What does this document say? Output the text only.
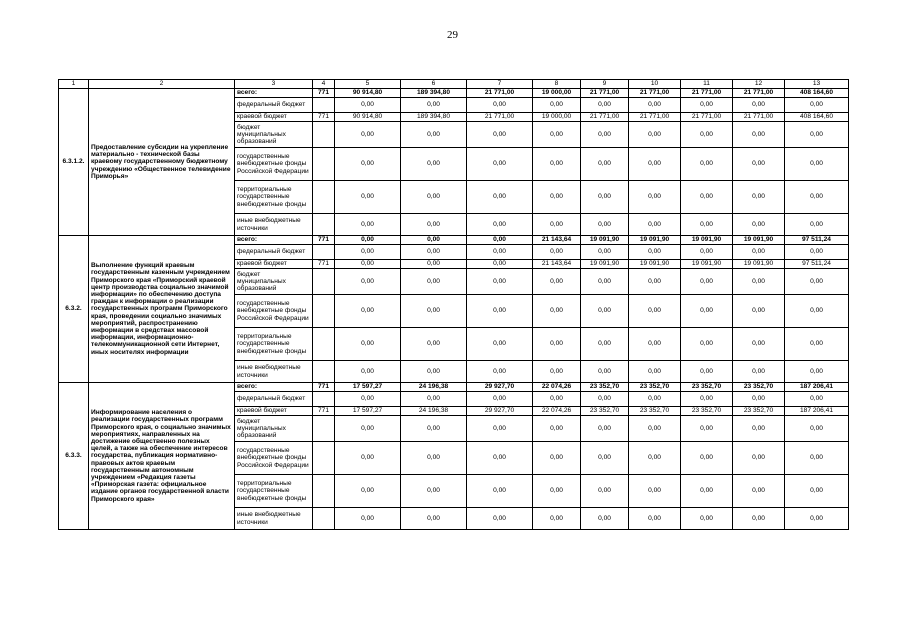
29
1	2	3	4	5	6	7	8	9	10	11	12	13
6.3.1.2.	Предоставление субсидии на укрепление материально - технической базы краевому государственному бюджетному учреждению «Общественное телевидение Приморья»	всего:	771	90 914,80	189 394,80	21 771,00	19 000,00	21 771,00	21 771,00	21 771,00	21 771,00	408 164,60
		федеральный бюджет		0,00	0,00	0,00	0,00	0,00	0,00	0,00	0,00	0,00
		краевой бюджет	771	90 914,80	189 394,80	21 771,00	19 000,00	21 771,00	21 771,00	21 771,00	21 771,00	408 164,60
		бюджет муниципальных образований		0,00	0,00	0,00	0,00	0,00	0,00	0,00	0,00	0,00
		государственные внебюджетные фонды Российской Федерации		0,00	0,00	0,00	0,00	0,00	0,00	0,00	0,00	0,00
		территориальные государственные внебюджетные фонды		0,00	0,00	0,00	0,00	0,00	0,00	0,00	0,00	0,00
		иные внебюджетные источники		0,00	0,00	0,00	0,00	0,00	0,00	0,00	0,00	0,00
6.3.2.	Выполнение функций краевым государственным казенным учреждением Приморского края «Приморский краевой центр производства социально значимой информации» по обеспечению доступа граждан к информации о реализации государственных программ Приморского края, проведении социально значимых мероприятий, распространению информации в средствах массовой информации, информационно-телекоммуникационной сети Интернет, иных носителях информации	всего:	771	0,00	0,00	0,00	21 143,64	19 091,90	19 091,90	19 091,90	19 091,90	97 511,24
		федеральный бюджет		0,00	0,00	0,00	0,00	0,00	0,00	0,00	0,00	0,00
		краевой бюджет	771	0,00	0,00	0,00	21 143,64	19 091,90	19 091,90	19 091,90	19 091,90	97 511,24
		бюджет муниципальных образований		0,00	0,00	0,00	0,00	0,00	0,00	0,00	0,00	0,00
		государственные внебюджетные фонды Российской Федерации		0,00	0,00	0,00	0,00	0,00	0,00	0,00	0,00	0,00
		территориальные государственные внебюджетные фонды		0,00	0,00	0,00	0,00	0,00	0,00	0,00	0,00	0,00
		иные внебюджетные источники		0,00	0,00	0,00	0,00	0,00	0,00	0,00	0,00	0,00
6.3.3.	Информирование населения о реализации государственных программ Приморского края, о социально значимых мероприятиях, направленных на достижение общественно полезных целей, а также на обеспечение интересов государства, публикация нормативно-правовых актов краевым государственным автономным учреждением «Редакция газеты «Приморская газета: официальное издание органов государственной власти Приморского края»	всего:	771	17 597,27	24 196,38	29 927,70	22 074,26	23 352,70	23 352,70	23 352,70	23 352,70	187 206,41
		федеральный бюджет		0,00	0,00	0,00	0,00	0,00	0,00	0,00	0,00	0,00
		краевой бюджет	771	17 597,27	24 196,38	29 927,70	22 074,26	23 352,70	23 352,70	23 352,70	23 352,70	187 206,41
		бюджет муниципальных образований		0,00	0,00	0,00	0,00	0,00	0,00	0,00	0,00	0,00
		государственные внебюджетные фонды Российской Федерации		0,00	0,00	0,00	0,00	0,00	0,00	0,00	0,00	0,00
		территориальные государственные внебюджетные фонды		0,00	0,00	0,00	0,00	0,00	0,00	0,00	0,00	0,00
		иные внебюджетные источники		0,00	0,00	0,00	0,00	0,00	0,00	0,00	0,00	0,00
